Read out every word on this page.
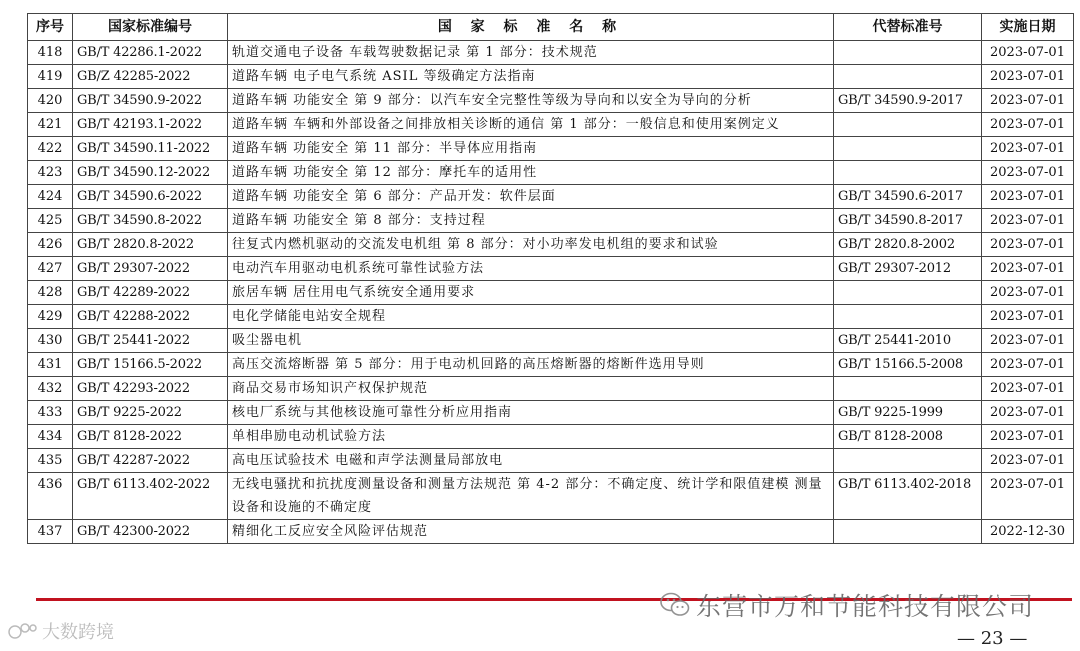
序号	国家标准编号	国 家 标 准 名 称	代替标准号	实施日期
418	GB/T 42286.1-2022	轨道交通电子设备 车载驾驶数据记录 第 1 部分：技术规范		2023-07-01
419	GB/Z 42285-2022	道路车辆 电子电气系统 ASIL 等级确定方法指南		2023-07-01
420	GB/T 34590.9-2022	道路车辆 功能安全 第 9 部分：以汽车安全完整性等级为导向和以安全为导向的分析	GB/T 34590.9-2017	2023-07-01
421	GB/T 42193.1-2022	道路车辆 车辆和外部设备之间排放相关诊断的通信 第 1 部分：一般信息和使用案例定义		2023-07-01
422	GB/T 34590.11-2022	道路车辆 功能安全 第 11 部分：半导体应用指南		2023-07-01
423	GB/T 34590.12-2022	道路车辆 功能安全 第 12 部分：摩托车的适用性		2023-07-01
424	GB/T 34590.6-2022	道路车辆 功能安全 第 6 部分：产品开发：软件层面	GB/T 34590.6-2017	2023-07-01
425	GB/T 34590.8-2022	道路车辆 功能安全 第 8 部分：支持过程	GB/T 34590.8-2017	2023-07-01
426	GB/T 2820.8-2022	往复式内燃机驱动的交流发电机组 第 8 部分：对小功率发电机组的要求和试验	GB/T 2820.8-2002	2023-07-01
427	GB/T 29307-2022	电动汽车用驱动电机系统可靠性试验方法	GB/T 29307-2012	2023-07-01
428	GB/T 42289-2022	旅居车辆 居住用电气系统安全通用要求		2023-07-01
429	GB/T 42288-2022	电化学储能电站安全规程		2023-07-01
430	GB/T 25441-2022	吸尘器电机	GB/T 25441-2010	2023-07-01
431	GB/T 15166.5-2022	高压交流熔断器 第 5 部分：用于电动机回路的高压熔断器的熔断件选用导则	GB/T 15166.5-2008	2023-07-01
432	GB/T 42293-2022	商品交易市场知识产权保护规范		2023-07-01
433	GB/T 9225-2022	核电厂系统与其他核设施可靠性分析应用指南	GB/T 9225-1999	2023-07-01
434	GB/T 8128-2022	单相串励电动机试验方法	GB/T 8128-2008	2023-07-01
435	GB/T 42287-2022	高电压试验技术 电磁和声学法测量局部放电		2023-07-01
436	GB/T 6113.402-2022	无线电骚扰和抗扰度测量设备和测量方法规范 第 4-2 部分：不确定度、统计学和限值建模 测量设备和设施的不确定度	GB/T 6113.402-2018	2023-07-01
437	GB/T 42300-2022	精细化工反应安全风险评估规范		2022-12-30
东营市万和节能科技有限公司
大数跨境	— 23 —
